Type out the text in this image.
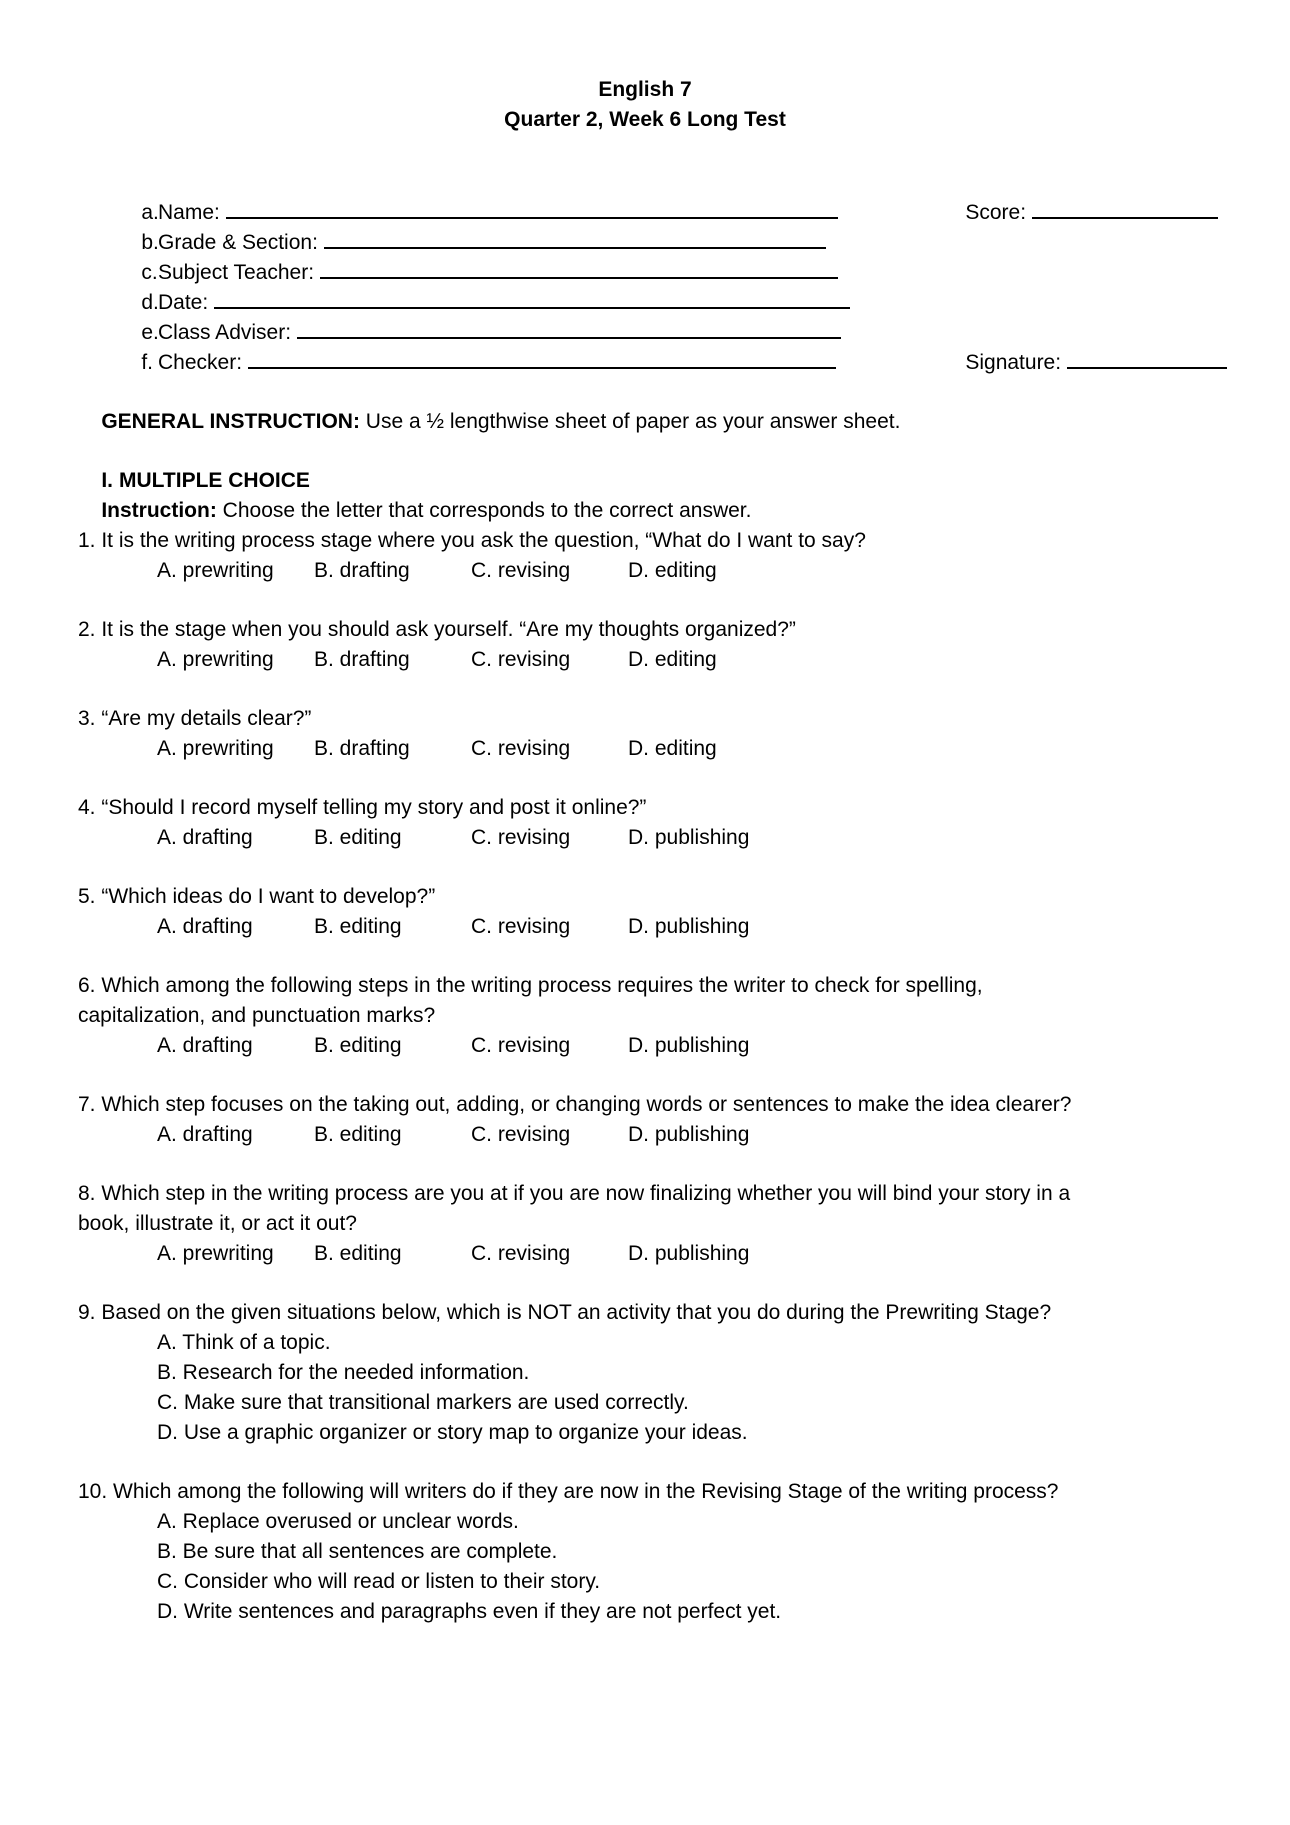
English 7
Quarter 2, Week 6 Long Test

a. Name:

b. Grade & Section:

c. Subject Teacher:

d. Date:

e. Class Adviser:

f. Checker:

Score:

Signature:

GENERAL INSTRUCTION: Use a ½ lengthwise sheet of paper as your answer sheet.

I. MULTIPLE CHOICE

Instruction: Choose the letter that corresponds to the correct answer.

1. It is the writing process stage where you ask the question, “What do I want to say?
A. prewriting B. drafting	C. revising	D. editing
2. It is the stage when you should ask yourself. “Are my thoughts organized?”
A. prewriting B. drafting	C. revising	D. editing
3. “Are my details clear?”
A. prewriting B. drafting	C. revising	D. editing
4. “Should I record myself telling my story and post it online?”
A. drafting	B. editing	C. revising	D. publishing
5. “Which ideas do I want to develop?”
A. drafting	B. editing	C. revising	D. publishing
6. Which among the following steps in the writing process requires the writer to check for spelling,
capitalization, and punctuation marks?
A. drafting	B. editing	C. revising	D. publishing
7. Which step focuses on the taking out, adding, or changing words or sentences to make the idea clearer?
A. drafting	B. editing	C. revising	D. publishing
8. Which step in the writing process are you at if you are now finalizing whether you will bind your story in a
book, illustrate it, or act it out?
A. prewriting B. editing	C. revising	D. publishing
9. Based on the given situations below, which is NOT an activity that you do during the Prewriting Stage?
A. Think of a topic.
B. Research for the needed information.
C. Make sure that transitional markers are used correctly.
D. Use a graphic organizer or story map to organize your ideas.
10. Which among the following will writers do if they are now in the Revising Stage of the writing process?
A. Replace overused or unclear words.
B. Be sure that all sentences are complete.
C. Consider who will read or listen to their story.
D. Write sentences and paragraphs even if they are not perfect yet.
